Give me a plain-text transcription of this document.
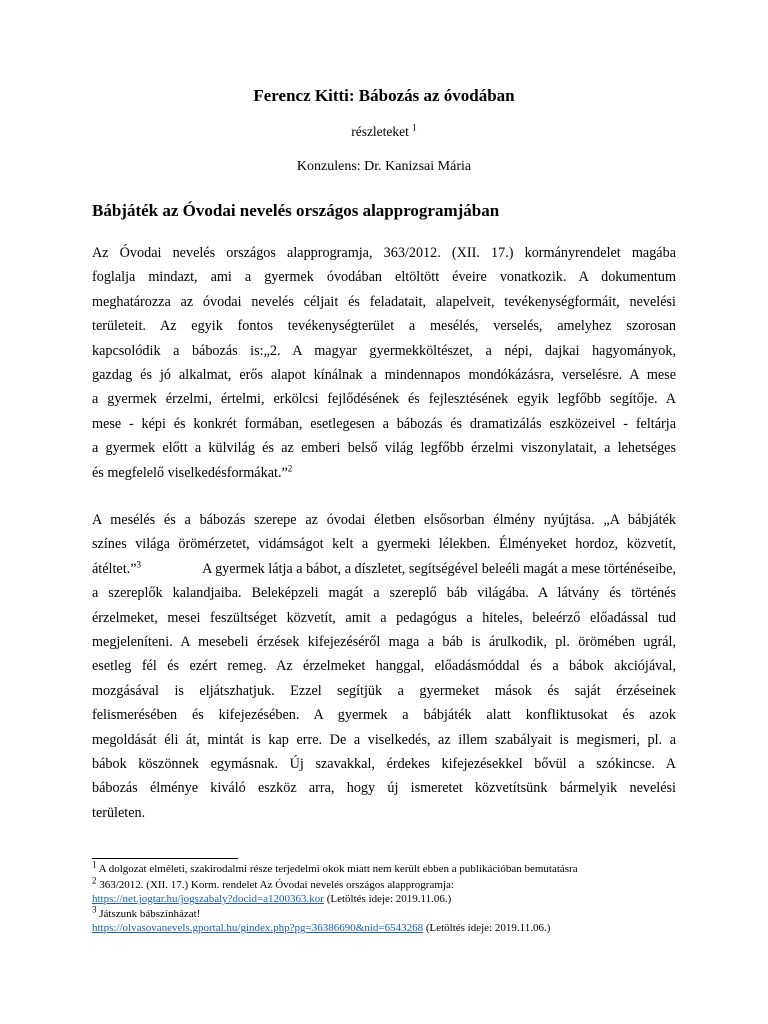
Ferencz Kitti: Bábozás az óvodában
részleteket $^1$
Konzulens: Dr. Kanizsai Mária
Bábjáték az Óvodai nevelés országos alapprogramjában
Az Óvodai nevelés országos alapprogramja, 363/2012. (XII. 17.) kormányrendelet magába
foglalja mindazt, ami a gyermek óvodában eltöltött éveire vonatkozik. A dokumentum
meghatározza az óvodai nevelés céljait és feladatait, alapelveit, tevékenységformáit, nevelési
területeit. Az egyik fontos tevékenységterület a mesélés, verselés, amelyhez szorosan
kapcsolódik a bábozás is:„2. A magyar gyermekköltészet, a népi, dajkai hagyományok,
gazdag és jó alkalmat, erős alapot kínálnak a mindennapos mondókázásra, verselésre. A mese
a gyermek érzelmi, értelmi, erkölcsi fejlődésének és fejlesztésének egyik legfőbb segítője. A
mese - képi és konkrét formában, esetlegesen a bábozás és dramatizálás eszközeivel - feltárja
a gyermek előtt a külvilág és az emberi belső világ legfőbb érzelmi viszonylatait, a lehetséges
és megfelelő viselkedésformákat.”$^2$
A mesélés és a bábozás szerepe az óvodai életben elsősorban élmény nyújtása. „A bábjáték
színes világa örömérzetet, vidámságot kelt a gyermeki lélekben. Élményeket hordoz, közvetít,
átéltet.”$^3$	A gyermek látja a bábot, a díszletet, segítségével beleéli magát a mese történéseibe,
a szereplők kalandjaiba. Beleképzeli magát a szereplő báb világába. A látvány és történés
érzelmeket, mesei feszültséget közvetít, amit a pedagógus a hiteles, beleérző előadással tud
megjeleníteni. A mesebeli érzések kifejezéséről maga a báb is árulkodik, pl. örömében ugrál,
esetleg fél és ezért remeg. Az érzelmeket hanggal, előadásmóddal és a bábok akciójával,
mozgásával is eljátszhatjuk. Ezzel segítjük a gyermeket mások és saját érzéseinek
felismerésében és kifejezésében. A gyermek a bábjáték alatt konfliktusokat és azok
megoldását éli át, mintát is kap erre. De a viselkedés, az illem szabályait is megismeri, pl. a
bábok köszönnek egymásnak. Új szavakkal, érdekes kifejezésekkel bővül a szókincse. A
bábozás élménye kiváló eszköz arra, hogy új ismeretet közvetítsünk bármelyik nevelési
területen.
$^1$ A dolgozat elméleti, szakirodalmi része terjedelmi okok miatt nem került ebben a publikációban bemutatásra
$^2$ 363/2012. (XII. 17.) Korm. rendelet Az Óvodai nevelés országos alapprogramja:
https://net.jogtar.hu/jogszabaly?docid=a1200363.kor (Letöltés ideje: 2019.11.06.)
$^3$ Játszunk bábszínházat!
https://olvasovanevels.gportal.hu/gindex.php?pg=36386690&nid=6543268 (Letöltés ideje: 2019.11.06.)
